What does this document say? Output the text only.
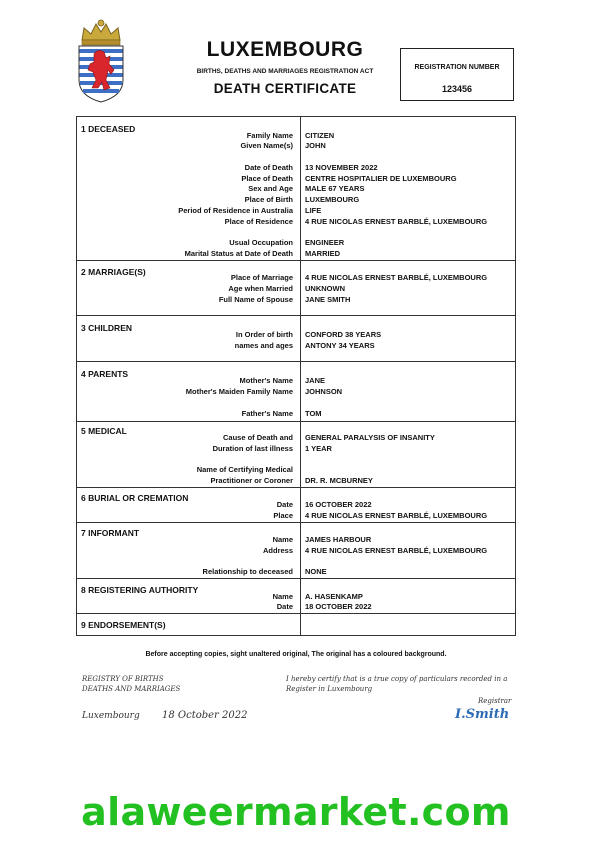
LUXEMBOURG
BIRTHS, DEATHS AND MARRIAGES REGISTRATION ACT
DEATH CERTIFICATE
REGISTRATION NUMBER
123456
1 DECEASED
Family Name CITIZEN
Given Name(s) JOHN
Date of Death 13 NOVEMBER 2022
Place of Death CENTRE HOSPITALIER DE LUXEMBOURG
Sex and Age MALE 67 YEARS
Place of Birth LUXEMBOURG
Period of Residence in Australia LIFE
Place of Residence 4 RUE NICOLAS ERNEST BARBLÉ, LUXEMBOURG
Usual Occupation ENGINEER
Marital Status at Date of Death MARRIED
2 MARRIAGE(S)
Place of Marriage 4 RUE NICOLAS ERNEST BARBLÉ, LUXEMBOURG
Age when Married UNKNOWN
Full Name of Spouse JANE SMITH
3 CHILDREN
In Order of birth CONFORD 38 YEARS
names and ages ANTONY 34 YEARS
4 PARENTS
Mother's Name JANE
Mother's Maiden Family Name JOHNSON
Father's Name TOM
5 MEDICAL
Cause of Death and GENERAL PARALYSIS OF INSANITY
Duration of last illness 1 YEAR
Name of Certifying Medical
Practitioner or Coroner DR. R. MCBURNEY
6 BURIAL OR CREMATION
Date 16 OCTOBER 2022
Place 4 RUE NICOLAS ERNEST BARBLÉ, LUXEMBOURG
7 INFORMANT
Name JAMES HARBOUR
Address 4 RUE NICOLAS ERNEST BARBLÉ, LUXEMBOURG
Relationship to deceased NONE
8 REGISTERING AUTHORITY
Name A. HASENKAMP
Date 18 OCTOBER 2022
9 ENDORSEMENT(S)
Before accepting copies, sight unaltered original, The original has a coloured background.
REGISTRY OF BIRTHS
DEATHS AND MARRIAGES
I hereby certify that is a true copy of particulars recorded in a
Register in Luxembourg
Registrar
Luxembourg 18 October 2022	I.Smith
alaweermarket.com
